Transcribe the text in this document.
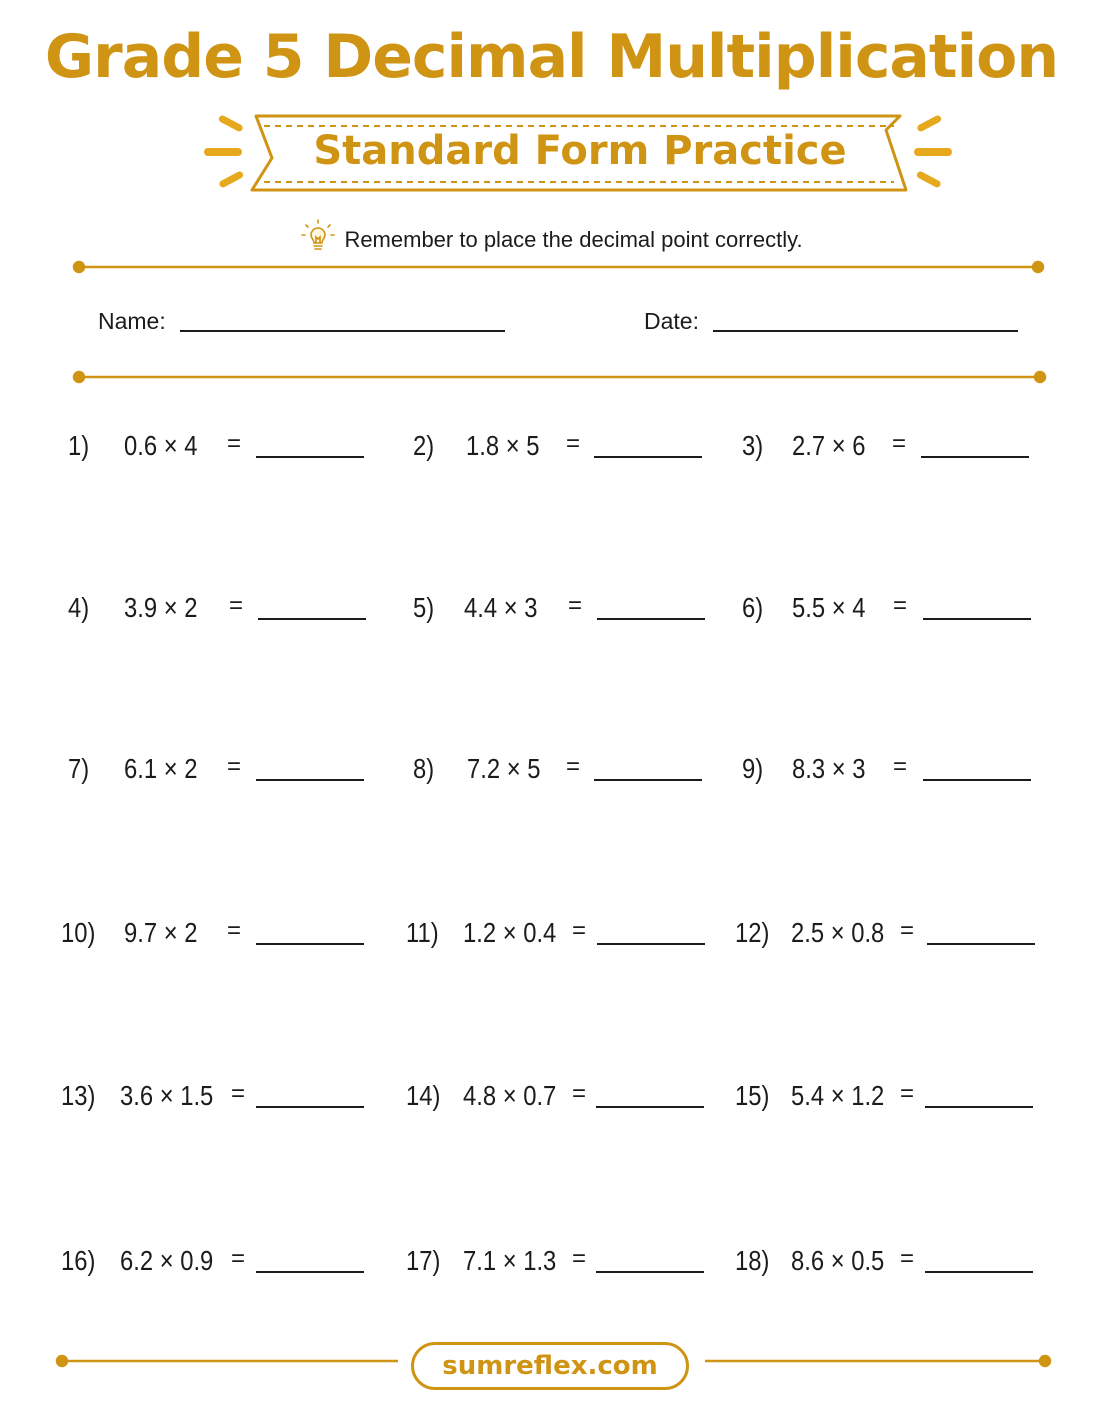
Grade 5 Decimal Multiplication
Standard Form Practice
Remember to place the decimal point correctly.
Name:	Date:
1) 0.6 × 4 =	2) 1.8 × 5 =	3) 2.7 × 6 =
4) 3.9 × 2 =	5) 4.4 × 3 =	6) 5.5 × 4 =
7) 6.1 × 2 =	8) 7.2 × 5 =	9) 8.3 × 3 =
10) 9.7 × 2 =	11) 1.2 × 0.4 =	12) 2.5 × 0.8 =
13) 3.6 × 1.5 =	14) 4.8 × 0.7 =	15) 5.4 × 1.2 =
16) 6.2 × 0.9 =	17) 7.1 × 1.3 =	18) 8.6 × 0.5 =
sumreflex.com
